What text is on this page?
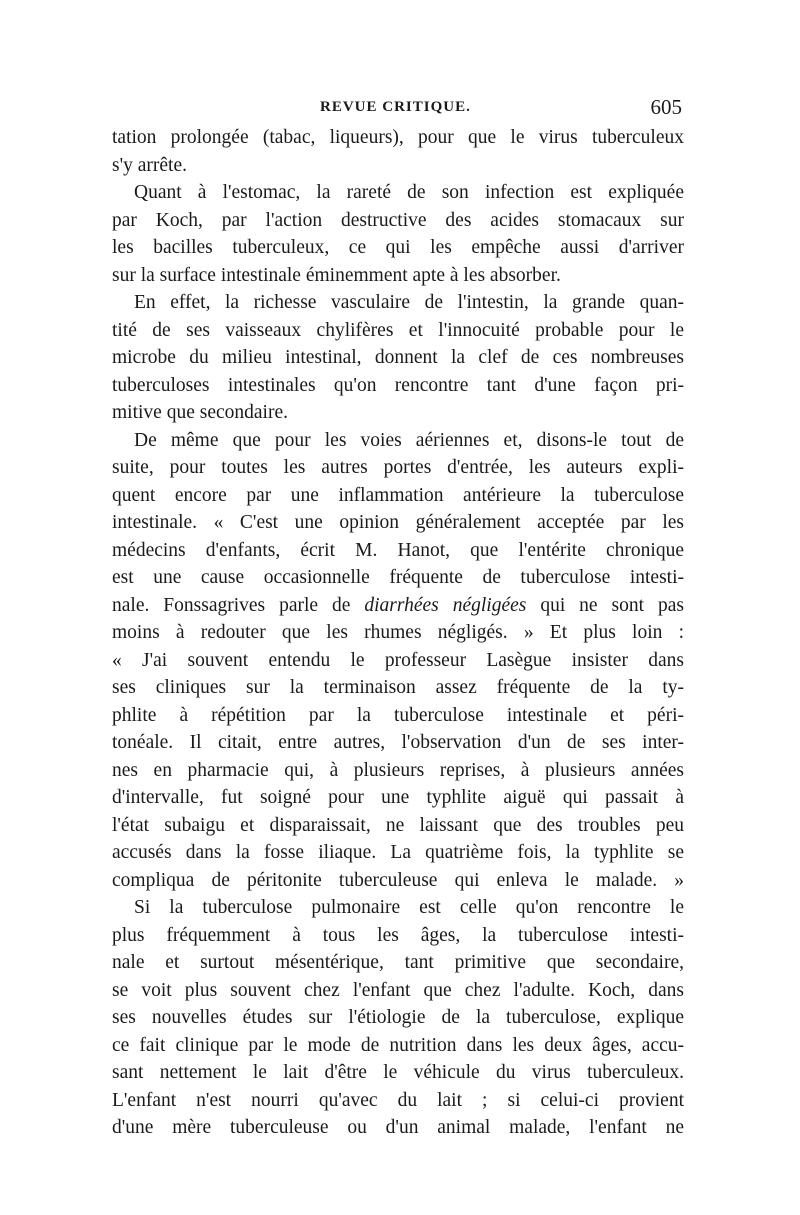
REVUE CRITIQUE.	605
tation prolongée (tabac, liqueurs), pour que le virus tuberculeux
s'y arrête.
Quant à l'estomac, la rareté de son infection est expliquée
par Koch, par l'action destructive des acides stomacaux sur
les bacilles tuberculeux, ce qui les empêche aussi d'arriver
sur la surface intestinale éminemment apte à les absorber.
En effet, la richesse vasculaire de l'intestin, la grande quan-
tité de ses vaisseaux chylifères et l'innocuité probable pour le
microbe du milieu intestinal, donnent la clef de ces nombreuses
tuberculoses intestinales qu'on rencontre tant d'une façon pri-
mitive que secondaire.
De même que pour les voies aériennes et, disons-le tout de
suite, pour toutes les autres portes d'entrée, les auteurs expli-
quent encore par une inflammation antérieure la tuberculose
intestinale. « C'est une opinion généralement acceptée par les
médecins d'enfants, écrit M. Hanot, que l'entérite chronique
est une cause occasionnelle fréquente de tuberculose intesti-
nale. Fonssagrives parle de diarrhées négligées qui ne sont pas
moins à redouter que les rhumes négligés. » Et plus loin :
« J'ai souvent entendu le professeur Lasègue insister dans
ses cliniques sur la terminaison assez fréquente de la ty-
phlite à répétition par la tuberculose intestinale et péri-
tonéale. Il citait, entre autres, l'observation d'un de ses inter-
nes en pharmacie qui, à plusieurs reprises, à plusieurs années
d'intervalle, fut soigné pour une typhlite aiguë qui passait à
l'état subaigu et disparaissait, ne laissant que des troubles peu
accusés dans la fosse iliaque. La quatrième fois, la typhlite se
compliqua de péritonite tuberculeuse qui enleva le malade. »
Si la tuberculose pulmonaire est celle qu'on rencontre le
plus fréquemment à tous les âges, la tuberculose intesti-
nale et surtout mésentérique, tant primitive que secondaire,
se voit plus souvent chez l'enfant que chez l'adulte. Koch, dans
ses nouvelles études sur l'étiologie de la tuberculose, explique
ce fait clinique par le mode de nutrition dans les deux âges, accu-
sant nettement le lait d'être le véhicule du virus tuberculeux.
L'enfant n'est nourri qu'avec du lait ; si celui-ci provient
d'une mère tuberculeuse ou d'un animal malade, l'enfant ne
